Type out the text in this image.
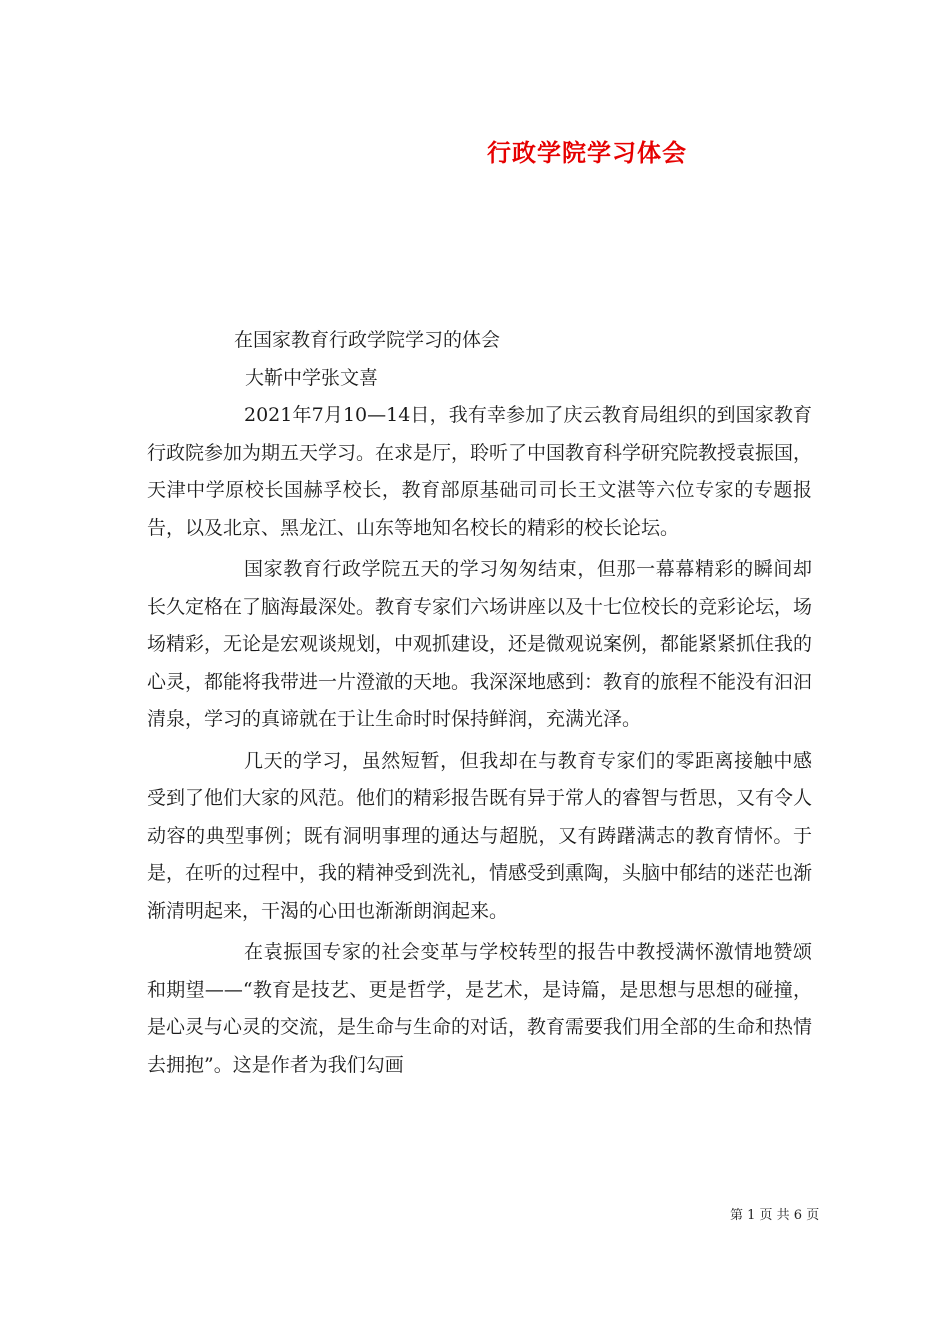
行政学院学习体会

在国家教育行政学院学习的体会

大靳中学张文喜

2021年7月10—14日，我有幸参加了庆云教育局组织的到国家教育行政院参加为期五天学习。在求是厅，聆听了中国教育科学研究院教授袁振国，天津中学原校长国赫孚校长，教育部原基础司司长王文湛等六位专家的专题报告，以及北京、黑龙江、山东等地知名校长的精彩的校长论坛。

国家教育行政学院五天的学习匆匆结束，但那一幕幕精彩的瞬间却长久定格在了脑海最深处。教育专家们六场讲座以及十七位校长的竞彩论坛，场场精彩，无论是宏观谈规划，中观抓建设，还是微观说案例，都能紧紧抓住我的心灵，都能将我带进一片澄澈的天地。我深深地感到：教育的旅程不能没有汩汩清泉，学习的真谛就在于让生命时时保持鲜润，充满光泽。

几天的学习，虽然短暂，但我却在与教育专家们的零距离接触中感受到了他们大家的风范。他们的精彩报告既有异于常人的睿智与哲思，又有令人动容的典型事例；既有洞明事理的通达与超脱，又有踌躇满志的教育情怀。于是，在听的过程中，我的精神受到洗礼，情感受到熏陶，头脑中郁结的迷茫也渐渐清明起来，干渴的心田也渐渐朗润起来。

在袁振国专家的社会变革与学校转型的报告中教授满怀激情地赞颂和期望——“教育是技艺、更是哲学，是艺术，是诗篇，是思想与思想的碰撞，是心灵与心灵的交流，是生命与生命的对话，教育需要我们用全部的生命和热情去拥抱”。这是作者为我们勾画

第 1 页 共 6 页
